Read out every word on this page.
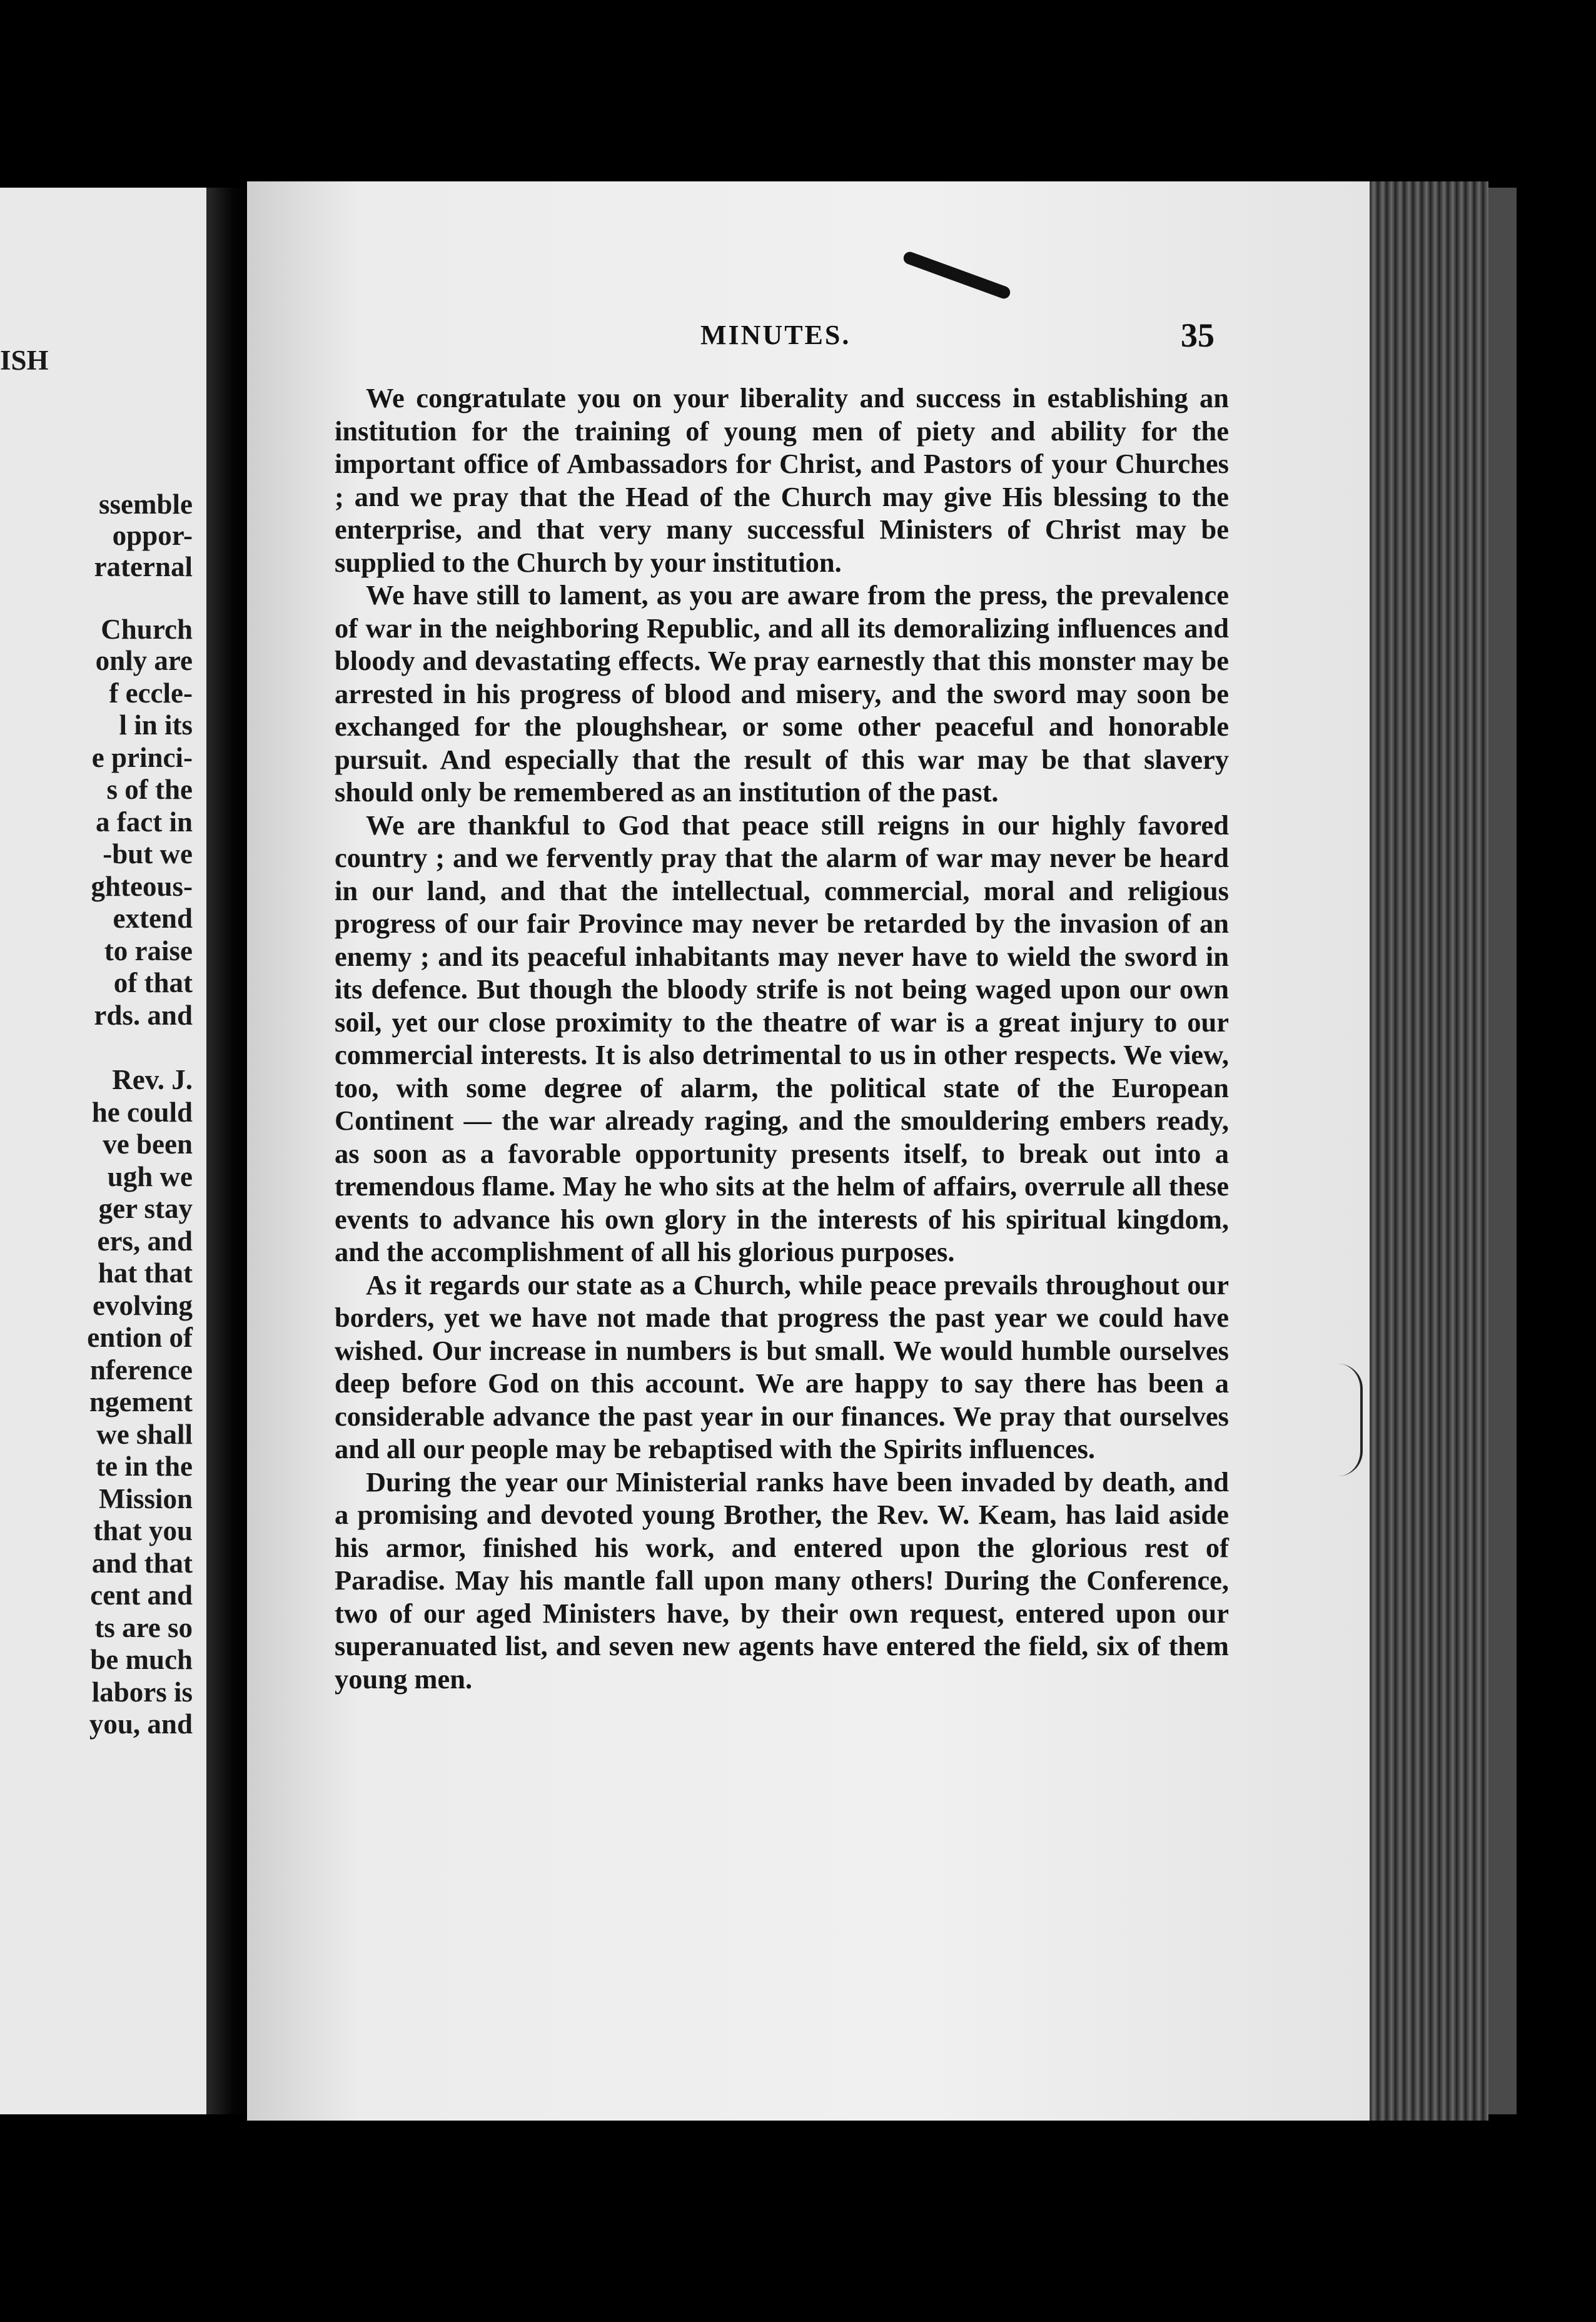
ISH
ssemble
oppor-
raternal
Church
only are
f eccle-
l in its
e princi-
s of the
a fact in
-but we
ghteous-
extend
to raise
of that
rds. and
Rev. J.
he could
ve been
ugh we
ger stay
ers, and
hat that
evolving
ention of
nference
ngement
we shall
te in the
Mission
that you
and that
cent and
ts are so
be much
labors is
you, and
MINUTES.	35

We congratulate you on your liberality and success in establishing an institution for the training of young men of piety and ability for the important office of Ambassadors for Christ, and Pastors of your Churches ; and we pray that the Head of the Church may give His blessing to the enterprise, and that very many successful Ministers of Christ may be supplied to the Church by your institution.

We have still to lament, as you are aware from the press, the prevalence of war in the neighboring Republic, and all its demoralizing influences and bloody and devastating effects. We pray earnestly that this monster may be arrested in his progress of blood and misery, and the sword may soon be exchanged for the ploughshear, or some other peaceful and honorable pursuit. And especially that the result of this war may be that slavery should only be remembered as an institution of the past.

We are thankful to God that peace still reigns in our highly favored country ; and we fervently pray that the alarm of war may never be heard in our land, and that the intellectual, commercial, moral and religious progress of our fair Province may never be retarded by the invasion of an enemy ; and its peaceful inhabitants may never have to wield the sword in its defence. But though the bloody strife is not being waged upon our own soil, yet our close proximity to the theatre of war is a great injury to our commercial interests. It is also detrimental to us in other respects. We view, too, with some degree of alarm, the political state of the European Continent — the war already raging, and the smouldering embers ready, as soon as a favorable opportunity presents itself, to break out into a tremendous flame. May he who sits at the helm of affairs, overrule all these events to advance his own glory in the interests of his spiritual kingdom, and the accomplishment of all his glorious purposes.

As it regards our state as a Church, while peace prevails throughout our borders, yet we have not made that progress the past year we could have wished. Our increase in numbers is but small. We would humble ourselves deep before God on this account. We are happy to say there has been a considerable advance the past year in our finances. We pray that ourselves and all our people may be rebaptised with the Spirits influences.

During the year our Ministerial ranks have been invaded by death, and a promising and devoted young Brother, the Rev. W. Keam, has laid aside his armor, finished his work, and entered upon the glorious rest of Paradise. May his mantle fall upon many others! During the Conference, two of our aged Ministers have, by their own request, entered upon our superanuated list, and seven new agents have entered the field, six of them young men.
